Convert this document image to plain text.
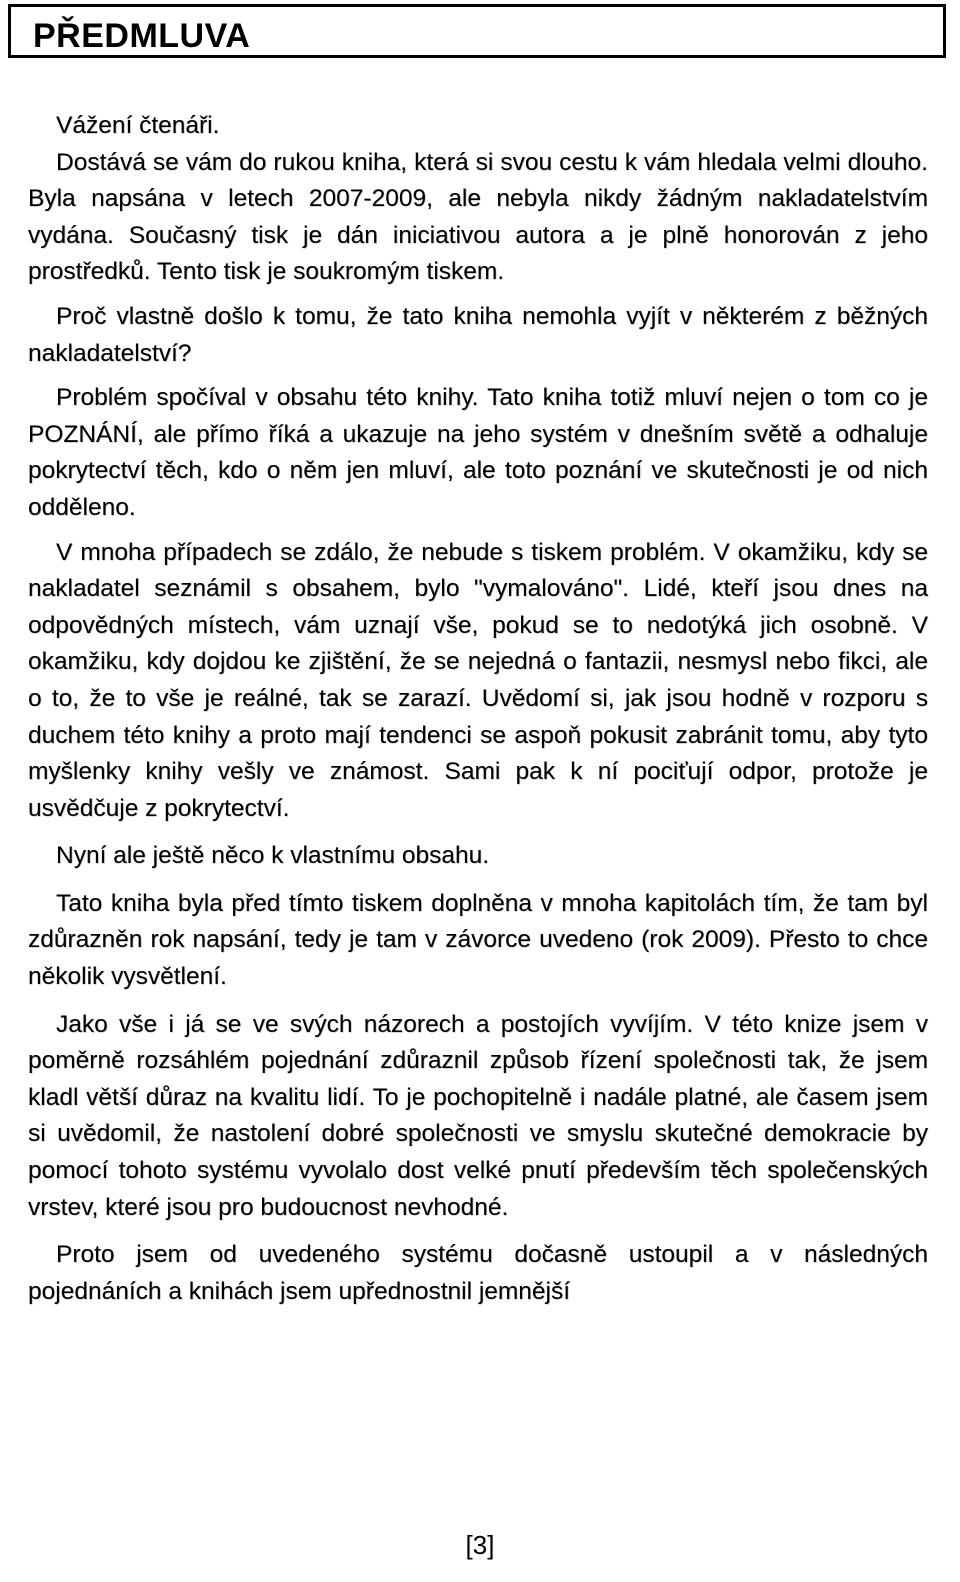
PŘEDMLUVA

Vážení čtenáři.

Dostává se vám do rukou kniha, která si svou cestu k vám hledala velmi dlouho. Byla napsána v letech 2007-2009, ale nebyla nikdy žádným nakladatelstvím vydána. Současný tisk je dán iniciativou autora a je plně honorován z jeho prostředků. Tento tisk je soukromým tiskem.

Proč vlastně došlo k tomu, že tato kniha nemohla vyjít v některém z běžných nakladatelství?

Problém spočíval v obsahu této knihy. Tato kniha totiž mluví nejen o tom co je POZNÁNÍ, ale přímo říká a ukazuje na jeho systém v dnešním světě a odhaluje pokrytectví těch, kdo o něm jen mluví, ale toto poznání ve skutečnosti je od nich odděleno.

V mnoha případech se zdálo, že nebude s tiskem problém. V okamžiku, kdy se nakladatel seznámil s obsahem, bylo "vymalováno". Lidé, kteří jsou dnes na odpovědných místech, vám uznají vše, pokud se to nedotýká jich osobně. V okamžiku, kdy dojdou ke zjištění, že se nejedná o fantazii, nesmysl nebo fikci, ale o to, že to vše je reálné, tak se zarazí. Uvědomí si, jak jsou hodně v rozporu s duchem této knihy a proto mají tendenci se aspoň pokusit zabránit tomu, aby tyto myšlenky knihy vešly ve známost. Sami pak k ní pociťují odpor, protože je usvědčuje z pokrytectví.

Nyní ale ještě něco k vlastnímu obsahu.

Tato kniha byla před tímto tiskem doplněna v mnoha kapitolách tím, že tam byl zdůrazněn rok napsání, tedy je tam v závorce uvedeno (rok 2009). Přesto to chce několik vysvětlení.

Jako vše i já se ve svých názorech a postojích vyvíjím. V této knize jsem v poměrně rozsáhlém pojednání zdůraznil způsob řízení společnosti tak, že jsem kladl větší důraz na kvalitu lidí. To je pochopitelně i nadále platné, ale časem jsem si uvědomil, že nastolení dobré společnosti ve smyslu skutečné demokracie by pomocí tohoto systému vyvolalo dost velké pnutí především těch společenských vrstev, které jsou pro budoucnost nevhodné.

Proto jsem od uvedeného systému dočasně ustoupil a v následných pojednáních a knihách jsem upřednostnil jemnější

[3]
